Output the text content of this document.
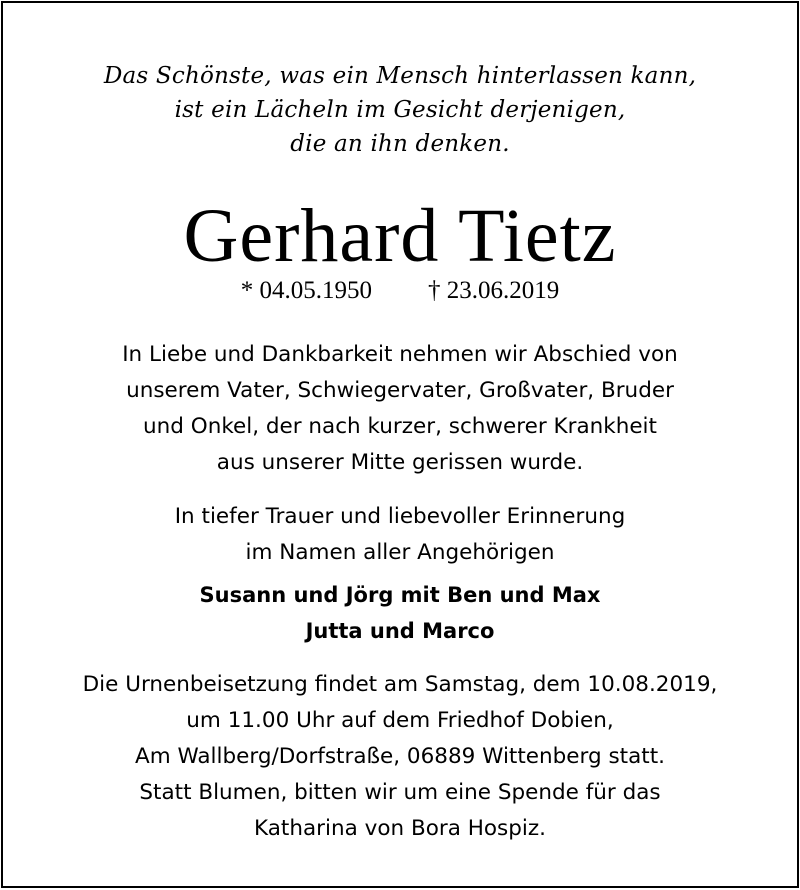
Das Schönste, was ein Mensch hinterlassen kann,
ist ein Lächeln im Gesicht derjenigen,
die an ihn denken.
Gerhard Tietz
* 04.05.1950 † 23.06.2019
In Liebe und Dankbarkeit nehmen wir Abschied von
unserem Vater, Schwiegervater, Großvater, Bruder
und Onkel, der nach kurzer, schwerer Krankheit
aus unserer Mitte gerissen wurde.
In tiefer Trauer und liebevoller Erinnerung
im Namen aller Angehörigen
Susann und Jörg mit Ben und Max
Jutta und Marco
Die Urnenbeisetzung findet am Samstag, dem 10.08.2019,
um 11.00 Uhr auf dem Friedhof Dobien,
Am Wallberg/Dorfstraße, 06889 Wittenberg statt.
Statt Blumen, bitten wir um eine Spende für das
Katharina von Bora Hospiz.
